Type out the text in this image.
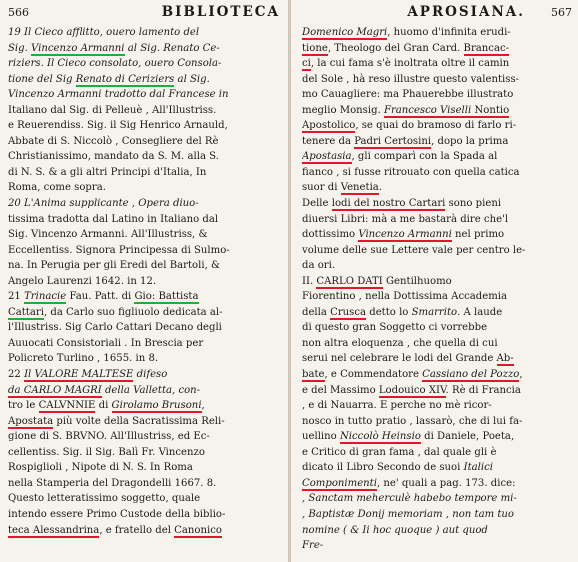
566	BIBLIOTECA
19 Il Cieco afflitto, ouero lamento del
Sig. Vincenzo Armanni al Sig. Renato Ce-
riziers. Il Cieco consolato, ouero Consola-
tione del Sig Renato di Ceriziers al Sig.
Vincenzo Armanni tradotto dal Francese in
Italiano dal Sig. di Pelleuè , All'Illustriss.
e Reuerendiss. Sig. il Sig Henrico Arnauld,
Abbate di S. Niccolò , Consegliere del Rè
Christianissimo, mandato da S. M. alla S.
di N. S. & a gli altri Principi d'Italia, In
Roma, come sopra.
20 L'Anima supplicante , Opera diuo-
tissima tradotta dal Latino in Italiano dal
Sig. Vincenzo Armanni. All'Illustriss, &
Eccellentiss. Signora Principessa di Sulmo-
na. In Perugia per gli Eredi del Bartoli, &
Angelo Laurenzi 1642. in 12.
21 Trinacie Fau. Patt. di Gio: Battista
Cattari, da Carlo suo figliuolo dedicata al-
l'Illustriss. Sig Carlo Cattari Decano degli
Auuocati Consistoriali . In Brescia per
Policreto Turlino , 1655. in 8.
22 Il VALORE MALTESE difeso
da CARLO MAGRI della Valletta, con-
tro le CALVNNIE di Girolamo Brusoni,
Apostata più volte della Sacratissima Reli-
gione di S. BRVNO. All'Illustriss, ed Ec-
cellentiss. Sig. il Sig. Balì Fr. Vincenzo
Rospiglioli , Nipote di N. S. In Roma
nella Stamperia del Dragondelli 1667. 8.
Questo letteratissimo soggetto, quale
intendo essere Primo Custode della biblio-
teca Alessandrina, e fratello del Canonico
APROSIANA. 567
Domenico Magri, huomo d'infinita erudi-
tione, Theologo del Gran Card. Brancac-
ci, la cui fama s'è inoltrata oltre il camin
del Sole , hà reso illustre questo valentiss-
mo Cauagliere: ma Phauerebbe illustrato
meglio Monsig. Francesco Viselli Nontio
Apostolico, se quai do bramoso di farlo ri-
tenere da Padri Certosini, dopo la prima
Apostasia, gli comparì con la Spada al
fianco , si fusse ritrouato con quella catica
suor di Venetia.
Delle lodi del nostro Cartari sono pieni
diuersi Libri: mà a me bastarà dire che'l
dottissimo Vincenzo Armanni nel primo
volume delle sue Lettere vale per centro le-
da ori.
II. CARLO DATI Gentilhuomo
Fiorentino , nella Dottissima Accademia
della Crusca detto lo Smarrito. A laude
di questo gran Soggetto ci vorrebbe
non altra eloquenza , che quella di cui
serui nel celebrare le lodi del Grande Ab-
bate, e Commendatore Cassiano del Pozzo,
e del Massimo Lodouico XIV. Rè di Francia
, e di Nauarra. E perche no mè ricor-
nosco in tutto pratio , lassarò, che di lui fa-
uellino Niccolò Heinsio di Daniele, Poeta,
e Critico di gran fama , dal quale gli è
dicato il Libro Secondo de suoi Italici
Componimenti, ne' quali a pag. 173. dice:
, Sanctam meherculè habebo tempore mi-
, Baptistæ Donij memoriam , non tam tuo
nomine ( & Ii hoc quoque ) aut quod
Fre-
